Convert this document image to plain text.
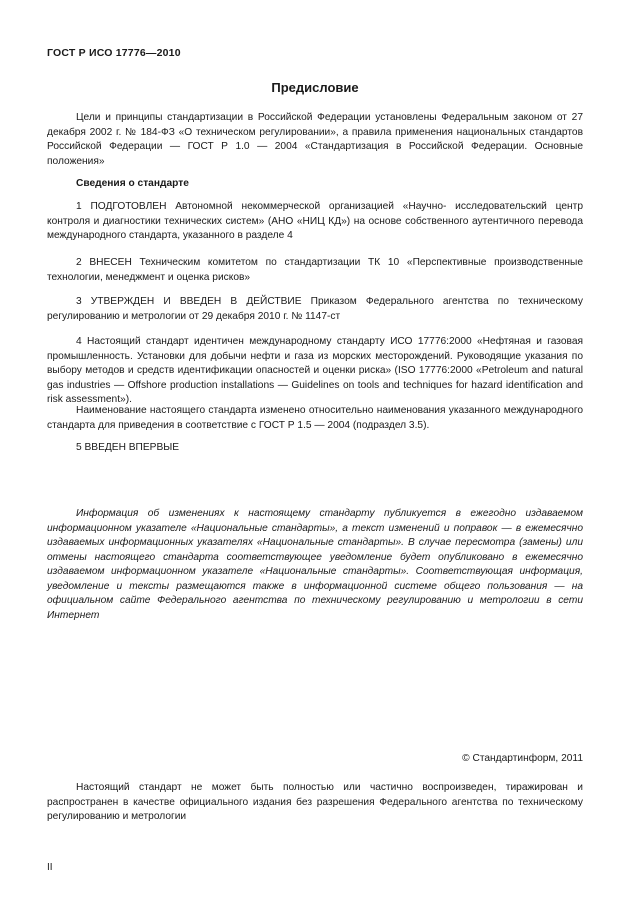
ГОСТ Р ИСО 17776—2010
Предисловие

Цели и принципы стандартизации в Российской Федерации установлены Федеральным законом от 27 декабря 2002 г. № 184-ФЗ «О техническом регулировании», а правила применения национальных стандартов Российской Федерации — ГОСТ Р 1.0 — 2004 «Стандартизация в Российской Федерации. Основные положения»

Сведения о стандарте

1 ПОДГОТОВЛЕН Автономной некоммерческой организацией «Научно- исследовательский центр контроля и диагностики технических систем» (АНО «НИЦ КД») на основе собственного аутентичного перевода международного стандарта, указанного в разделе 4

2 ВНЕСЕН Техническим комитетом по стандартизации ТК 10 «Перспективные производственные технологии, менеджмент и оценка рисков»

3 УТВЕРЖДЕН И ВВЕДЕН В ДЕЙСТВИЕ Приказом Федерального агентства по техническому регулированию и метрологии от 29 декабря 2010 г. № 1147-ст

4 Настоящий стандарт идентичен международному стандарту ИСО 17776:2000 «Нефтяная и газовая промышленность. Установки для добычи нефти и газа из морских месторождений. Руководящие указания по выбору методов и средств идентификации опасностей и оценки риска» (ISO 17776:2000 «Petroleum and natural gas industries — Offshore production installations — Guidelines on tools and techniques for hazard identification and risk assessment»).

Наименование настоящего стандарта изменено относительно наименования указанного международного стандарта для приведения в соответствие с ГОСТ Р 1.5 — 2004 (подраздел 3.5).

5 ВВЕДЕН ВПЕРВЫЕ

Информация об изменениях к настоящему стандарту публикуется в ежегодно издаваемом информационном указателе «Национальные стандарты», а текст изменений и поправок — в ежемесячно издаваемых информационных указателях «Национальные стандарты». В случае пересмотра (замены) или отмены настоящего стандарта соответствующее уведомление будет опубликовано в ежемесячно издаваемом информационном указателе «Национальные стандарты». Соответствующая информация, уведомление и тексты размещаются также в информационной системе общего пользования — на официальном сайте Федерального агентства по техническому регулированию и метрологии в сети Интернет

© Стандартинформ, 2011

Настоящий стандарт не может быть полностью или частично воспроизведен, тиражирован и распространен в качестве официального издания без разрешения Федерального агентства по техническому регулированию и метрологии

II
